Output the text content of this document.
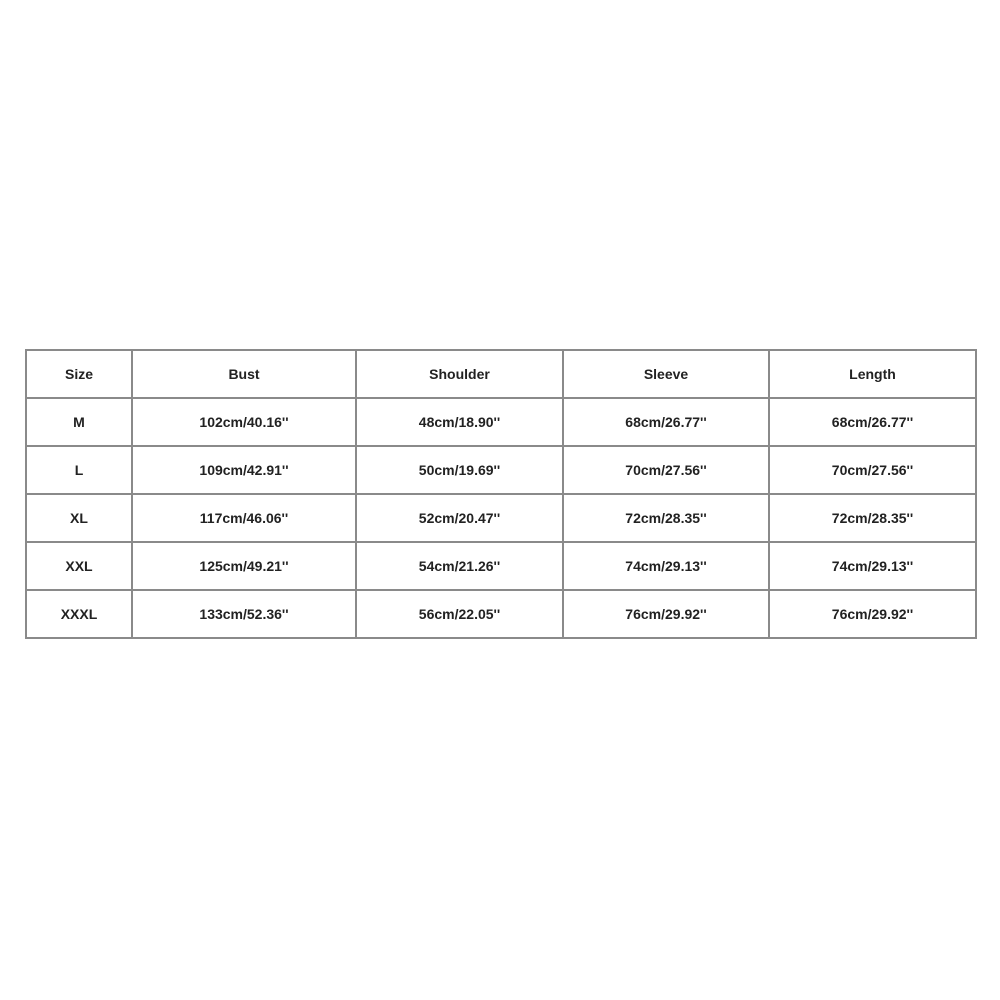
Size	Bust	Shoulder	Sleeve	Length
M	102cm/40.16''	48cm/18.90''	68cm/26.77''	68cm/26.77''
L	109cm/42.91''	50cm/19.69''	70cm/27.56''	70cm/27.56''
XL	117cm/46.06''	52cm/20.47''	72cm/28.35''	72cm/28.35''
XXL	125cm/49.21''	54cm/21.26''	74cm/29.13''	74cm/29.13''
XXXL	133cm/52.36''	56cm/22.05''	76cm/29.92''	76cm/29.92''
